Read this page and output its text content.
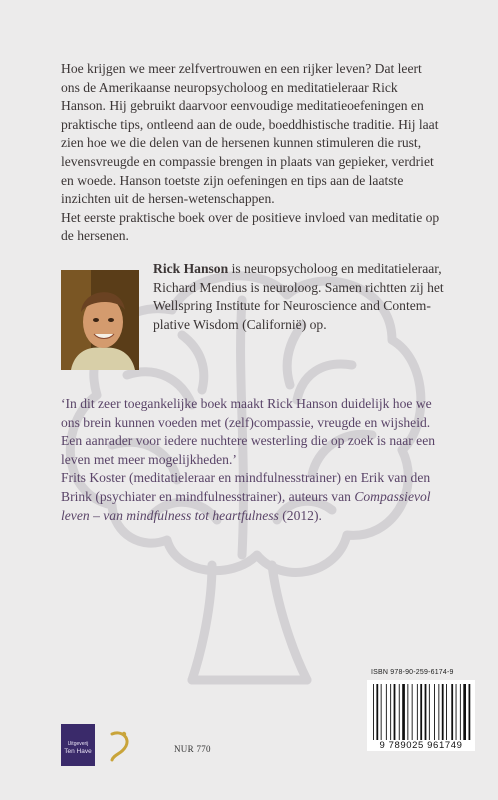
Hoe krijgen we meer zelfvertrouwen en een rijker leven? Dat leert ons de Amerikaanse neuropsycholoog en meditatieleraar Rick Hanson. Hij gebruikt daarvoor eenvoudige meditatieoefeningen en praktische tips, ontleend aan de oude, boeddhistische traditie. Hij laat zien hoe we die delen van de hersenen kunnen stimuleren die rust, levensvreugde en compassie brengen in plaats van gepieker, verdriet en woede. Hanson toetste zijn oefeningen en tips aan de laatste inzichten uit de hersen-wetenschappen.

Het eerste praktische boek over de positieve invloed van meditatie op de hersenen.

Rick Hanson is neuropsycholoog en meditatieleraar, Richard Mendius is neuroloog. Samen richtten zij het Wellspring Institute for Neuroscience and Contem-plative Wisdom (Californië) op.

‘In dit zeer toegankelijke boek maakt Rick Hanson duidelijk hoe we ons brein kunnen voeden met (zelf)compassie, vreugde en wijsheid. Een aanrader voor iedere nuchtere westerling die op zoek is naar een leven met meer mogelijkheden.’

Frits Koster (meditatieleraar en mindfulnesstrainer) en Erik van den Brink (psychiater en mindfulnesstrainer), auteurs van Compassievol leven – van mindfulness tot heartfulness (2012).

ISBN 978-90-259-6174-9
9 789025 961749
Uitgeverij
Ten Have	NUR 770
